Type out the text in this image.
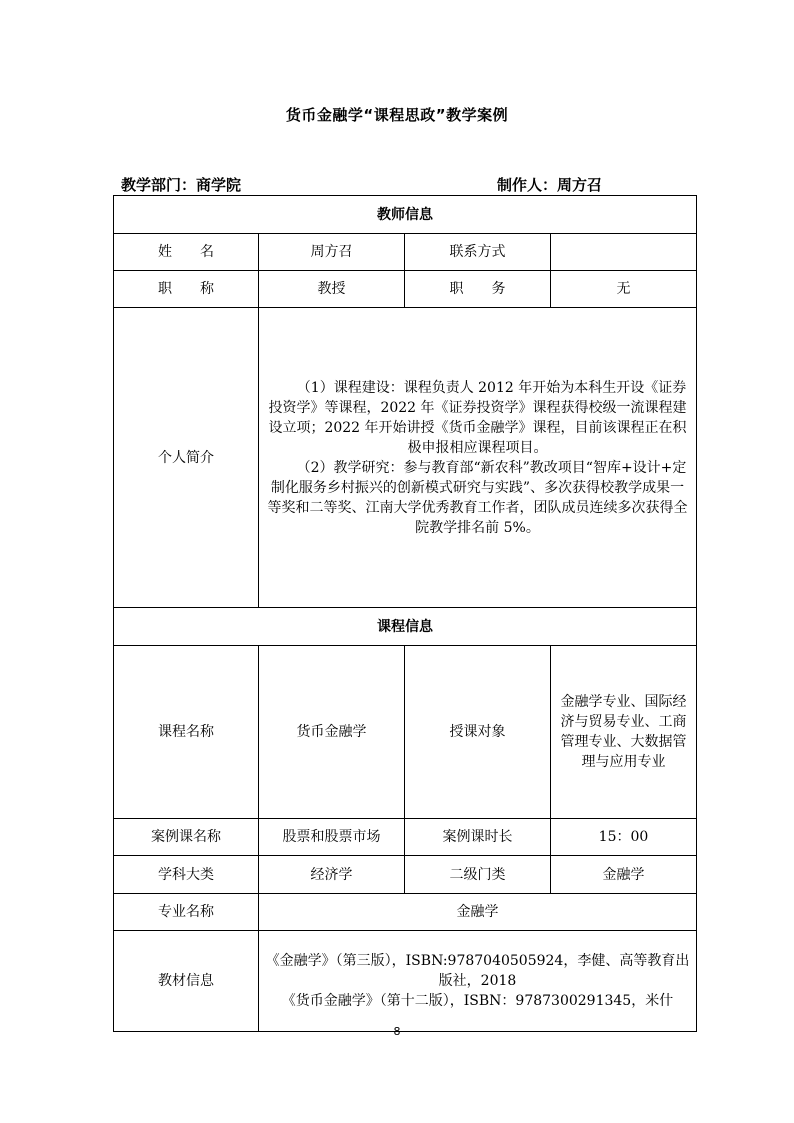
货币金融学“课程思政”教学案例
教学部门：商学院	制作人：周方召
教师信息			
姓　　名	周方召	联系方式	
职　　称	教授	职　　务	无
个人简介	（1）课程建设：课程负责人 2012 年开始为本科生开设《证券投资学》等课程，2022 年《证券投资学》课程获得校级一流课程建设立项；2022 年开始讲授《货币金融学》课程，目前该课程正在积极申报相应课程项目。

（2）教学研究：参与教育部“新农科”教改项目“智库+设计+定制化服务乡村振兴的创新模式研究与实践”、多次获得校教学成果一等奖和二等奖、江南大学优秀教育工作者，团队成员连续多次获得全院教学排名前 5%。		

课程信息			
课程名称	货币金融学	授课对象	金融学专业、国际经济与贸易专业、工商管理专业、大数据管理与应用专业
案例课名称	股票和股票市场	案例课时长	15：00
学科大类	经济学	二级门类	金融学
专业名称	金融学		
教材信息	《金融学》（第三版），ISBN:9787040505924，李健、高等教育出版社，2018

《货币金融学》（第十二版），ISBN：9787300291345，米什		

8
